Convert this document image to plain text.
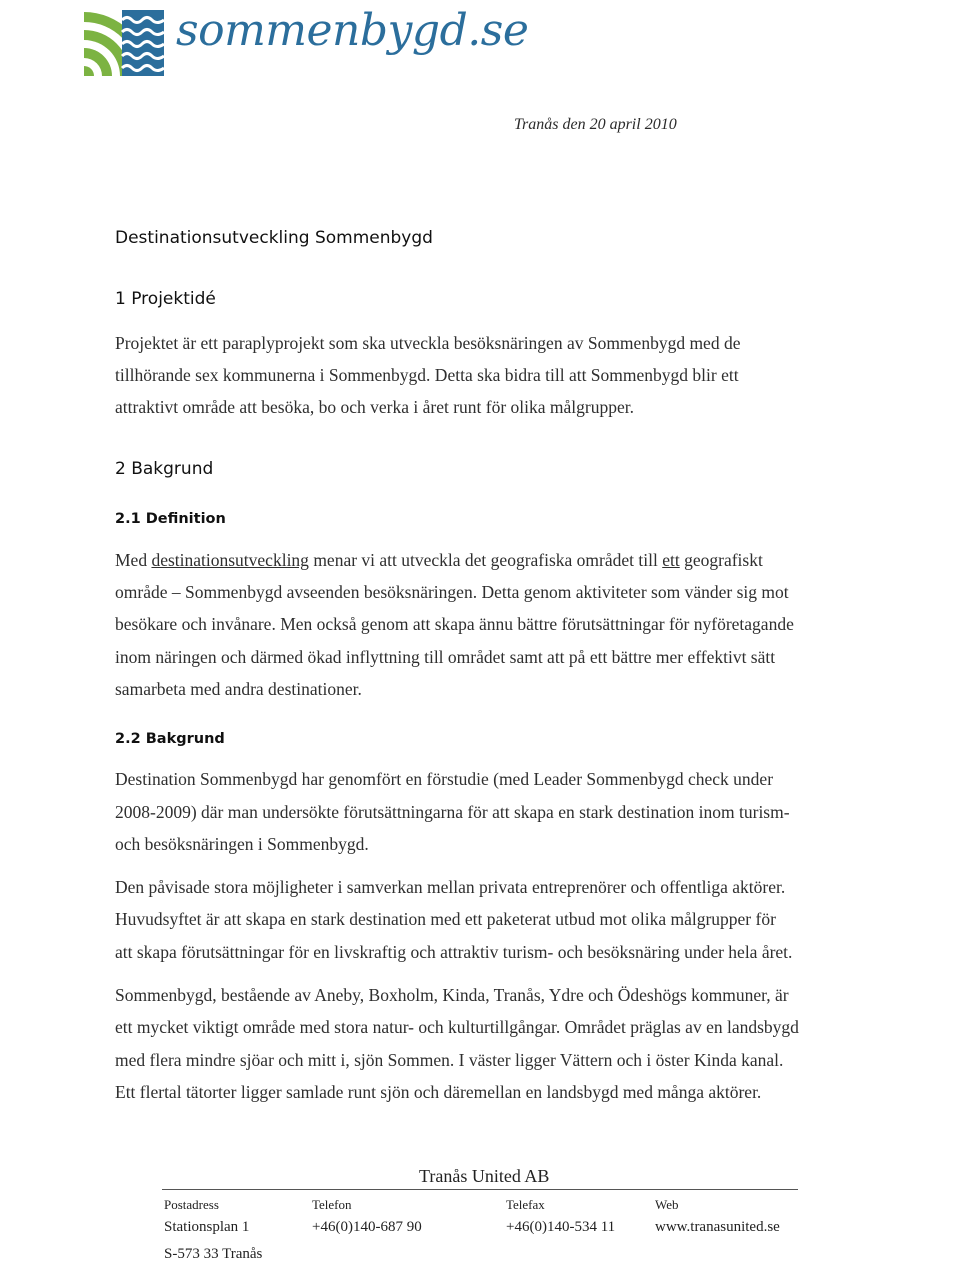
sommenbygd.se
Tranås den 20 april 2010
Destinationsutveckling Sommenbygd
1 Projektidé
Projektet är ett paraplyprojekt som ska utveckla besöksnäringen av Sommenbygd med de
tillhörande sex kommunerna i Sommenbygd. Detta ska bidra till att Sommenbygd blir ett
attraktivt område att besöka, bo och verka i året runt för olika målgrupper.
2 Bakgrund
2.1 Definition
Med destinationsutveckling menar vi att utveckla det geografiska området till ett geografiskt
område – Sommenbygd avseenden besöksnäringen. Detta genom aktiviteter som vänder sig mot
besökare och invånare. Men också genom att skapa ännu bättre förutsättningar för nyföretagande
inom näringen och därmed ökad inflyttning till området samt att på ett bättre mer effektivt sätt
samarbeta med andra destinationer.
2.2 Bakgrund
Destination Sommenbygd har genomfört en förstudie (med Leader Sommenbygd check under
2008-2009) där man undersökte förutsättningarna för att skapa en stark destination inom turism-
och besöksnäringen i Sommenbygd.
Den påvisade stora möjligheter i samverkan mellan privata entreprenörer och offentliga aktörer.
Huvudsyftet är att skapa en stark destination med ett paketerat utbud mot olika målgrupper för
att skapa förutsättningar för en livskraftig och attraktiv turism- och besöksnäring under hela året.
Sommenbygd, bestående av Aneby, Boxholm, Kinda, Tranås, Ydre och Ödeshögs kommuner, är
ett mycket viktigt område med stora natur- och kulturtillgångar. Området präglas av en landsbygd
med flera mindre sjöar och mitt i, sjön Sommen. I väster ligger Vättern och i öster Kinda kanal.
Ett flertal tätorter ligger samlade runt sjön och däremellan en landsbygd med många aktörer.
Tranås United AB
Postadress	Telefon	Telefax	Web
Stationsplan 1	+46(0)140-687 90	+46(0)140-534 11	www.tranasunited.se
S-573 33 Tranås
